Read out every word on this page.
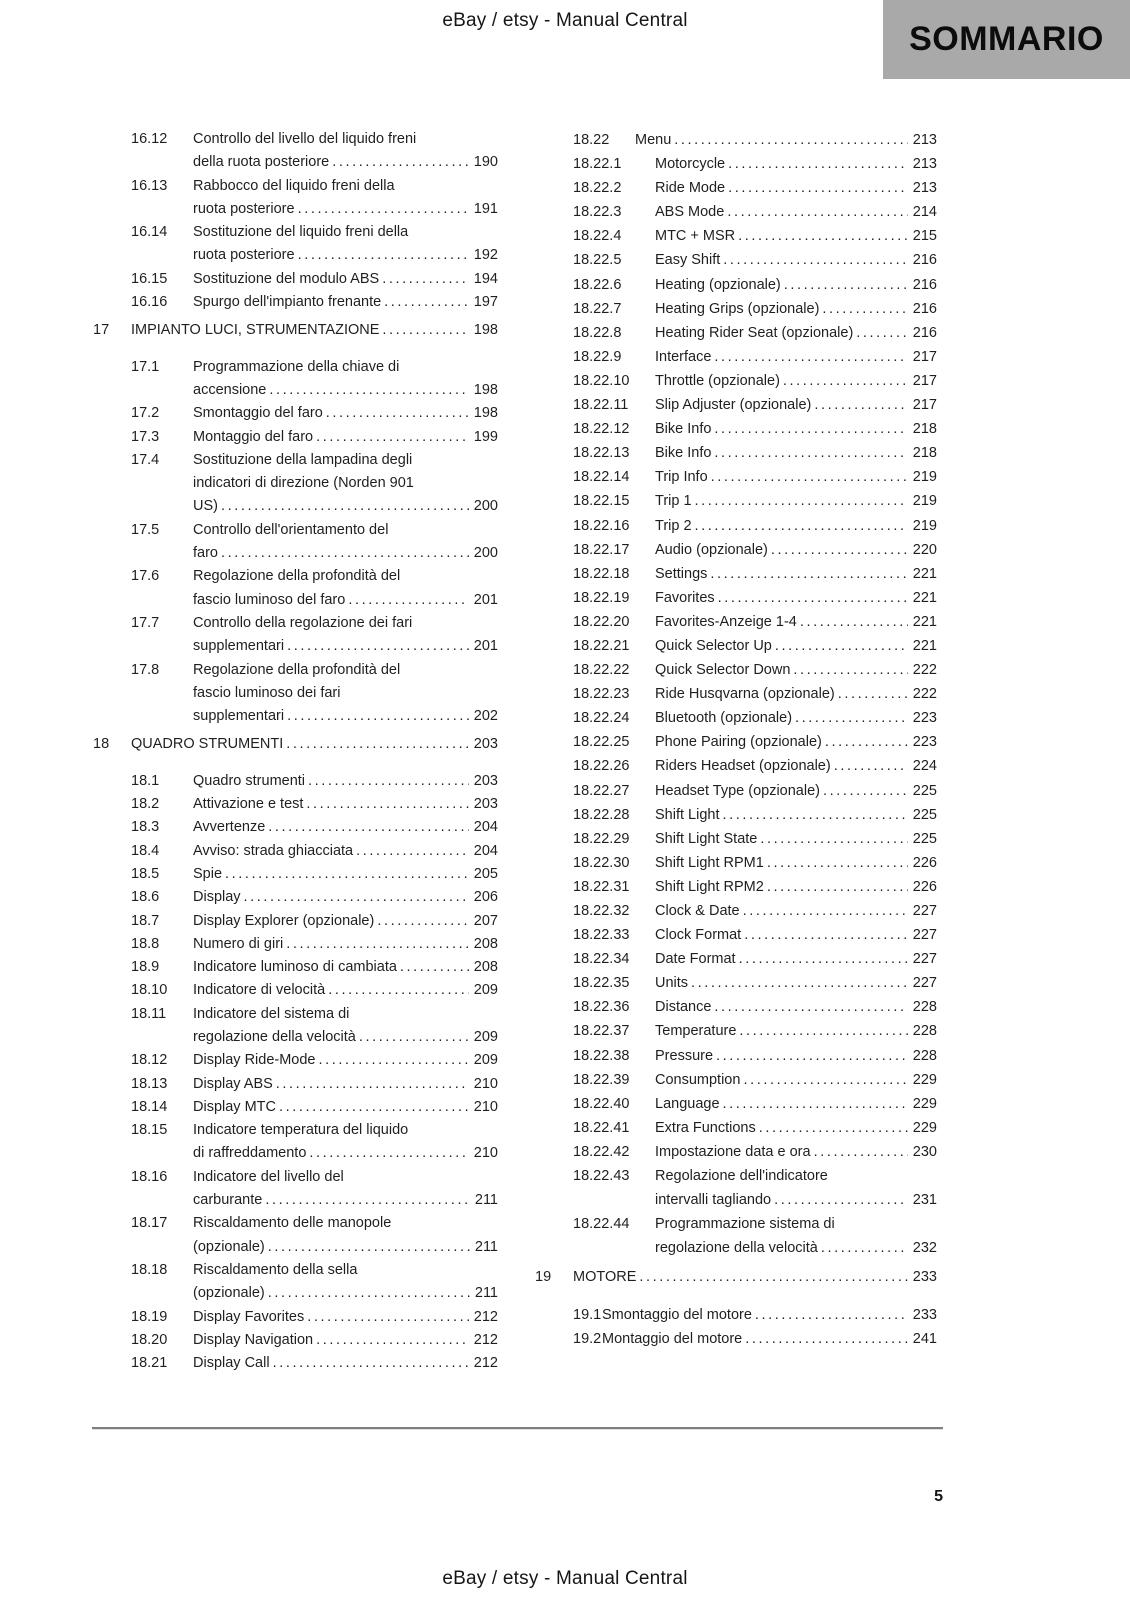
eBay / etsy - Manual Central	SOMMARIO
16.12	Controllo del livello del liquido freni
della ruota posteriore .....	190
16.13	Rabbocco del liquido freni della
ruota posteriore .....	191
16.14	Sostituzione del liquido freni della
ruota posteriore .....	192
16.15	Sostituzione del modulo ABS .....	194
16.16	Spurgo dell'impianto frenante .....	197
17	IMPIANTO LUCI, STRUMENTAZIONE .....	198
17.1	Programmazione della chiave di
accensione .....	198
17.2	Smontaggio del faro .....	198
17.3	Montaggio del faro .....	199
17.4	Sostituzione della lampadina degli
indicatori di direzione (Norden 901
US) .....	200
17.5	Controllo dell'orientamento del
faro .....	200
17.6	Regolazione della profondità del
fascio luminoso del faro .....	201
17.7	Controllo della regolazione dei fari
supplementari .....	201
17.8	Regolazione della profondità del
fascio luminoso dei fari
supplementari .....	202
18	QUADRO STRUMENTI .....	203
18.1	Quadro strumenti .....	203
18.2	Attivazione e test .....	203
18.3	Avvertenze .....	204
18.4	Avviso: strada ghiacciata .....	204
18.5	Spie .....	205
18.6	Display .....	206
18.7	Display Explorer (opzionale) .....	207
18.8	Numero di giri .....	208
18.9	Indicatore luminoso di cambiata .....	208
18.10	Indicatore di velocità .....	209
18.11	Indicatore del sistema di
regolazione della velocità .....	209
18.12	Display Ride-Mode .....	209
18.13	Display ABS .....	210
18.14	Display MTC .....	210
18.15	Indicatore temperatura del liquido
di raffreddamento .....	210
18.16	Indicatore del livello del
carburante .....	211
18.17	Riscaldamento delle manopole
(opzionale) .....	211
18.18	Riscaldamento della sella
(opzionale) .....	211
18.19	Display Favorites .....	212
18.20	Display Navigation .....	212
18.21	Display Call .....	212
18.22	Menu .....	213
18.22.1	Motorcycle .....	213
18.22.2	Ride Mode .....	213
18.22.3	ABS Mode .....	214
18.22.4	MTC + MSR .....	215
18.22.5	Easy Shift .....	216
18.22.6	Heating (opzionale) .....	216
18.22.7	Heating Grips (opzionale) .....	216
18.22.8	Heating Rider Seat (opzionale) .....	216
18.22.9	Interface .....	217
18.22.10	Throttle (opzionale) .....	217
18.22.11	Slip Adjuster (opzionale) .....	217
18.22.12	Bike Info .....	218
18.22.13	Bike Info .....	218
18.22.14	Trip Info .....	219
18.22.15	Trip 1 .....	219
18.22.16	Trip 2 .....	219
18.22.17	Audio (opzionale) .....	220
18.22.18	Settings .....	221
18.22.19	Favorites .....	221
18.22.20	Favorites-Anzeige 1-4 .....	221
18.22.21	Quick Selector Up .....	221
18.22.22	Quick Selector Down .....	222
18.22.23	Ride Husqvarna (opzionale) .....	222
18.22.24	Bluetooth (opzionale) .....	223
18.22.25	Phone Pairing (opzionale) .....	223
18.22.26	Riders Headset (opzionale) .....	224
18.22.27	Headset Type (opzionale) .....	225
18.22.28	Shift Light .....	225
18.22.29	Shift Light State .....	225
18.22.30	Shift Light RPM1 .....	226
18.22.31	Shift Light RPM2 .....	226
18.22.32	Clock & Date .....	227
18.22.33	Clock Format .....	227
18.22.34	Date Format .....	227
18.22.35	Units .....	227
18.22.36	Distance .....	228
18.22.37	Temperature .....	228
18.22.38	Pressure .....	228
18.22.39	Consumption .....	229
18.22.40	Language .....	229
18.22.41	Extra Functions .....	229
18.22.42	Impostazione data e ora .....	230
18.22.43	Regolazione dell'indicatore
intervalli tagliando .....	231
18.22.44	Programmazione sistema di
regolazione della velocità .....	232
19	MOTORE .....	233
19.1 Smontaggio del motore .....	233
19.2 Montaggio del motore .....	241
5
eBay / etsy - Manual Central
